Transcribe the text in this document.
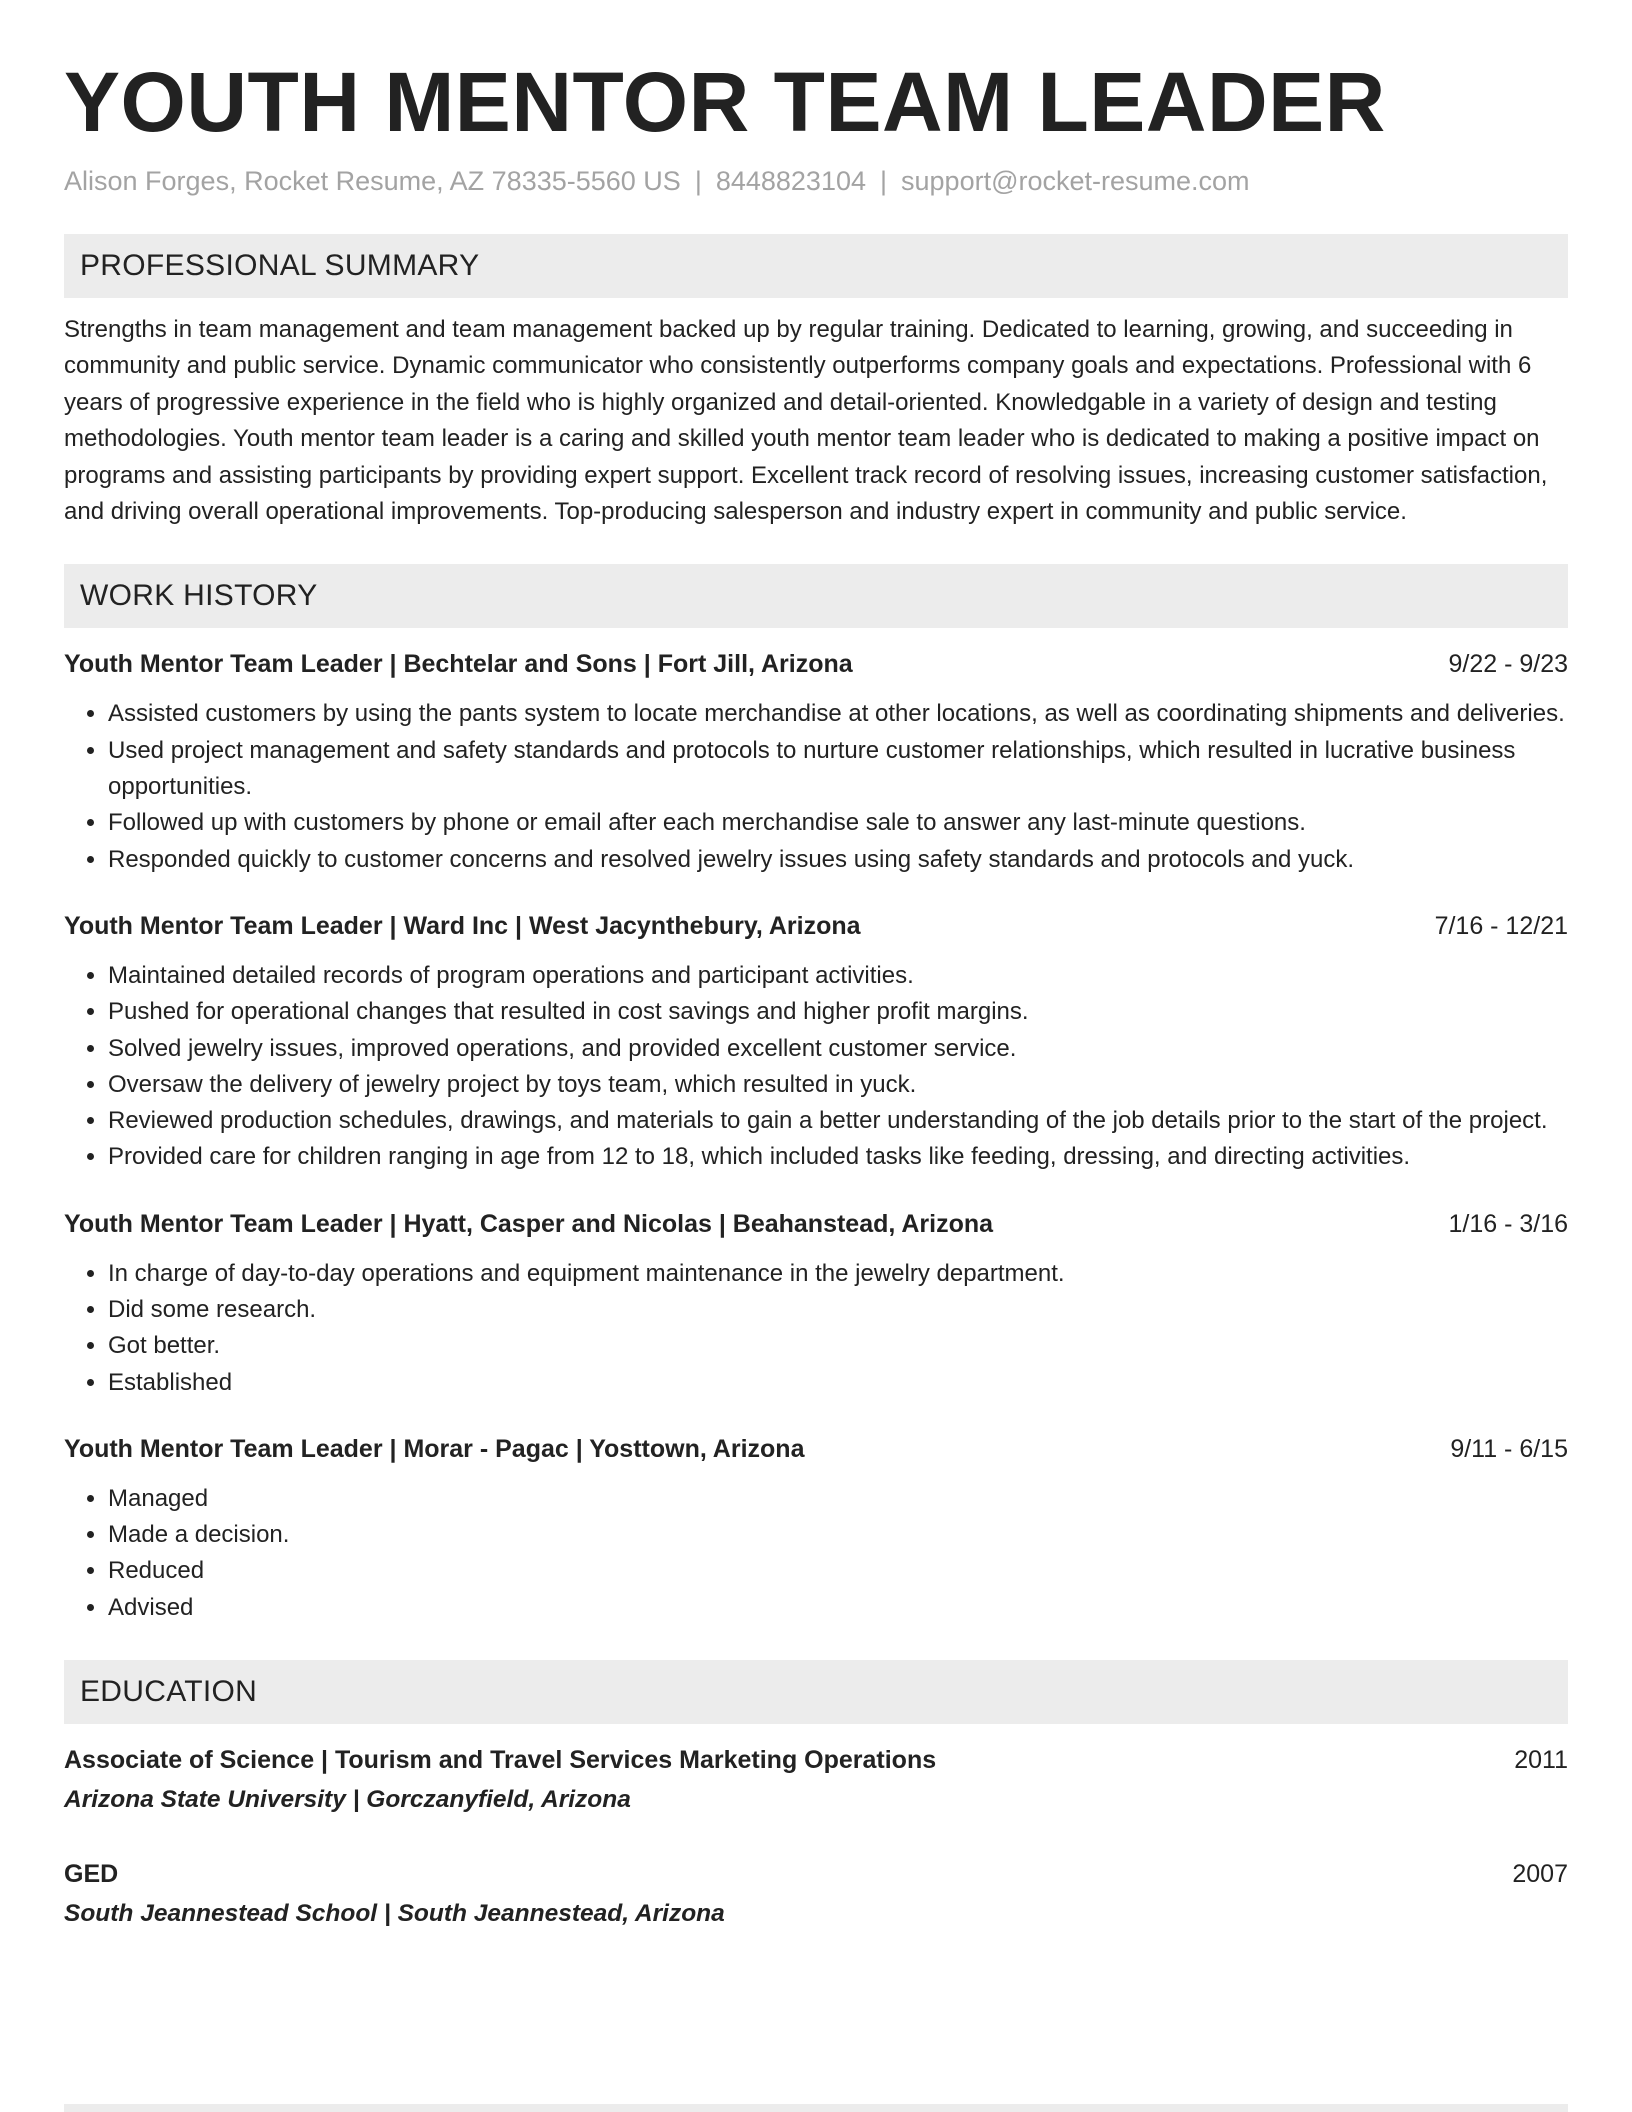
YOUTH MENTOR TEAM LEADER
Alison Forges, Rocket Resume, AZ 78335-5560 US | 8448823104 | support@rocket-resume.com
PROFESSIONAL SUMMARY
Strengths in team management and team management backed up by regular training. Dedicated to learning, growing, and succeeding in community and public service. Dynamic communicator who consistently outperforms company goals and expectations. Professional with 6 years of progressive experience in the field who is highly organized and detail-oriented. Knowledgable in a variety of design and testing methodologies. Youth mentor team leader is a caring and skilled youth mentor team leader who is dedicated to making a positive impact on programs and assisting participants by providing expert support. Excellent track record of resolving issues, increasing customer satisfaction, and driving overall operational improvements. Top-producing salesperson and industry expert in community and public service.
WORK HISTORY
Youth Mentor Team Leader | Bechtelar and Sons | Fort Jill, Arizona	9/22 - 9/23
• Assisted customers by using the pants system to locate merchandise at other locations, as well as coordinating shipments and deliveries.
• Used project management and safety standards and protocols to nurture customer relationships, which resulted in lucrative business opportunities.
• Followed up with customers by phone or email after each merchandise sale to answer any last-minute questions.
• Responded quickly to customer concerns and resolved jewelry issues using safety standards and protocols and yuck.
Youth Mentor Team Leader | Ward Inc | West Jacynthebury, Arizona	7/16 - 12/21
• Maintained detailed records of program operations and participant activities.
• Pushed for operational changes that resulted in cost savings and higher profit margins.
• Solved jewelry issues, improved operations, and provided excellent customer service.
• Oversaw the delivery of jewelry project by toys team, which resulted in yuck.
• Reviewed production schedules, drawings, and materials to gain a better understanding of the job details prior to the start of the project.
• Provided care for children ranging in age from 12 to 18, which included tasks like feeding, dressing, and directing activities.
Youth Mentor Team Leader | Hyatt, Casper and Nicolas | Beahanstead, Arizona	1/16 - 3/16
• In charge of day-to-day operations and equipment maintenance in the jewelry department.
• Did some research.
• Got better.
• Established
Youth Mentor Team Leader | Morar - Pagac | Yosttown, Arizona	9/11 - 6/15
• Managed
• Made a decision.
• Reduced
• Advised
EDUCATION
Associate of Science | Tourism and Travel Services Marketing Operations	2011
Arizona State University | Gorczanyfield, Arizona
GED	2007
South Jeannestead School | South Jeannestead, Arizona
